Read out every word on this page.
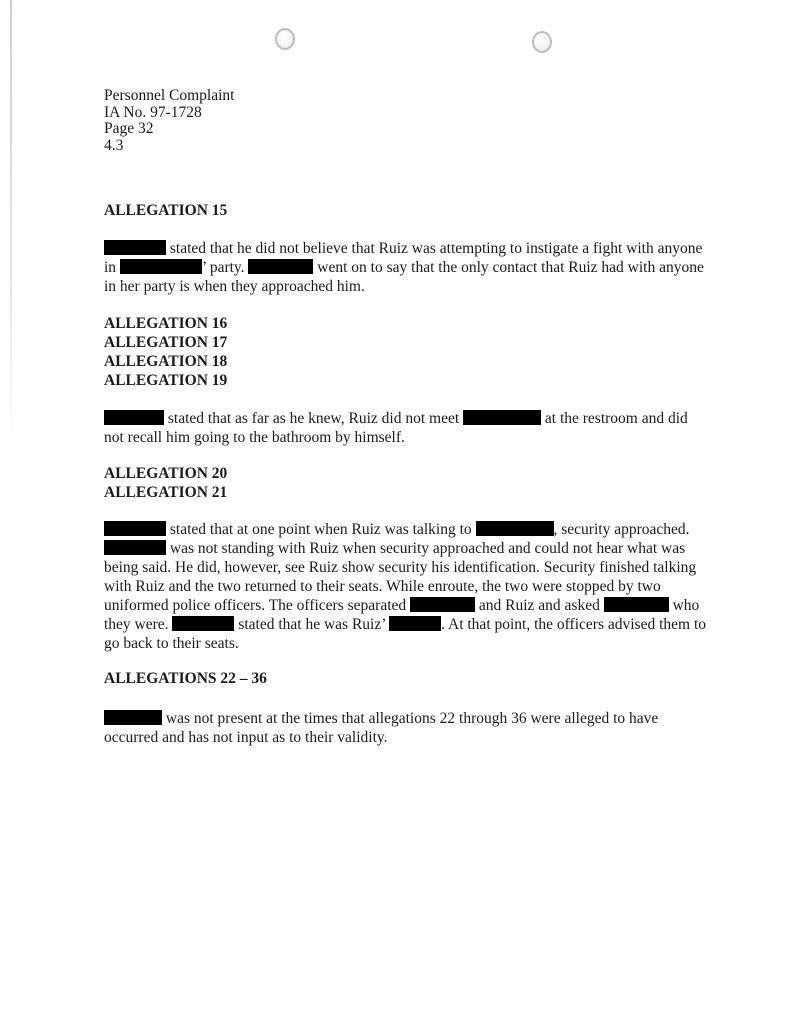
Personnel Complaint
IA No. 97-1728
Page 32
4.3
ALLEGATION 15

stated that he did not believe that Ruiz was attempting to instigate a fight with anyone in	’ party.	went on to say that the only contact that Ruiz had with anyone in her party is when they approached him.

ALLEGATION 16
ALLEGATION 17
ALLEGATION 18
ALLEGATION 19

stated that as far as he knew, Ruiz did not meet	at the restroom and did not recall him going to the bathroom by himself.

ALLEGATION 20
ALLEGATION 21

stated that at one point when Ruiz was talking to	, security approached.  was not standing with Ruiz when security approached and could not hear what was being said. He did, however, see Ruiz show security his identification. Security finished talking with Ruiz and the two returned to their seats. While enroute, the two were stopped by two uniformed police officers. The officers separated	and Ruiz and asked	who they were.	stated that he was Ruiz’	. At that point, the officers advised them to go back to their seats.

ALLEGATIONS 22 – 36

was not present at the times that allegations 22 through 36 were alleged to have occurred and has not input as to their validity.
